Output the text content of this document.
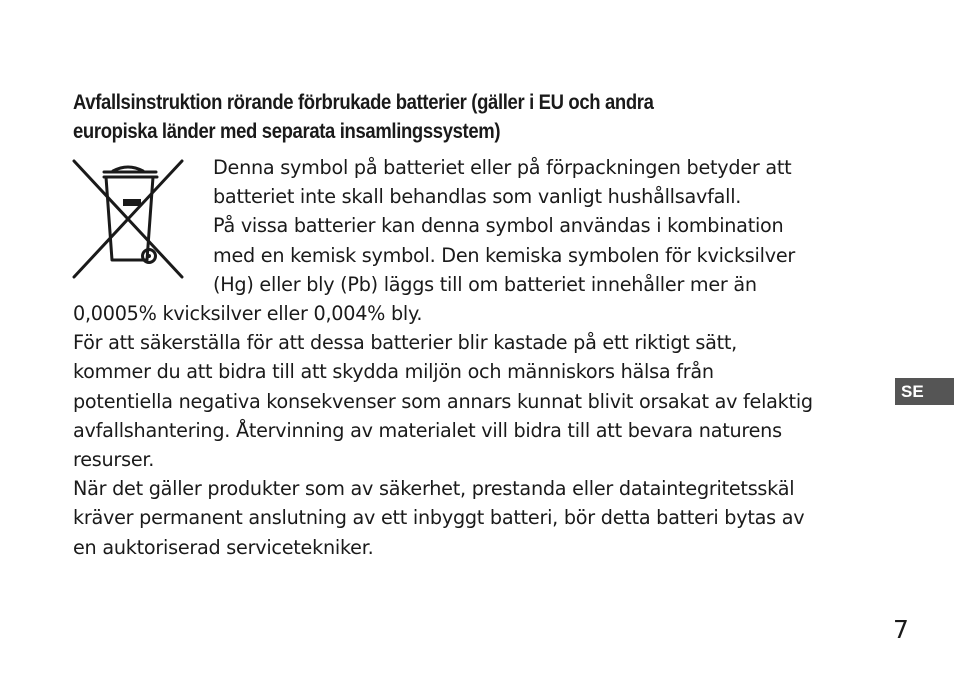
Avfallsinstruktion rörande förbrukade batterier (gäller i EU och andra
europiska länder med separata insamlingssystem)
Denna symbol på batteriet eller på förpackningen betyder att
batteriet inte skall behandlas som vanligt hushållsavfall.
På vissa batterier kan denna symbol användas i kombination
med en kemisk symbol. Den kemiska symbolen för kvicksilver
(Hg) eller bly (Pb) läggs till om batteriet innehåller mer än
0,0005% kvicksilver eller 0,004% bly.
För att säkerställa för att dessa batterier blir kastade på ett riktigt sätt,
kommer du att bidra till att skydda miljön och människors hälsa från
potentiella negativa konsekvenser som annars kunnat blivit orsakat av felaktig
avfallshantering. Återvinning av materialet vill bidra till att bevara naturens
resurser.
När det gäller produkter som av säkerhet, prestanda eller dataintegritetsskäl
kräver permanent anslutning av ett inbyggt batteri, bör detta batteri bytas av
en auktoriserad servicetekniker.
SE
7
